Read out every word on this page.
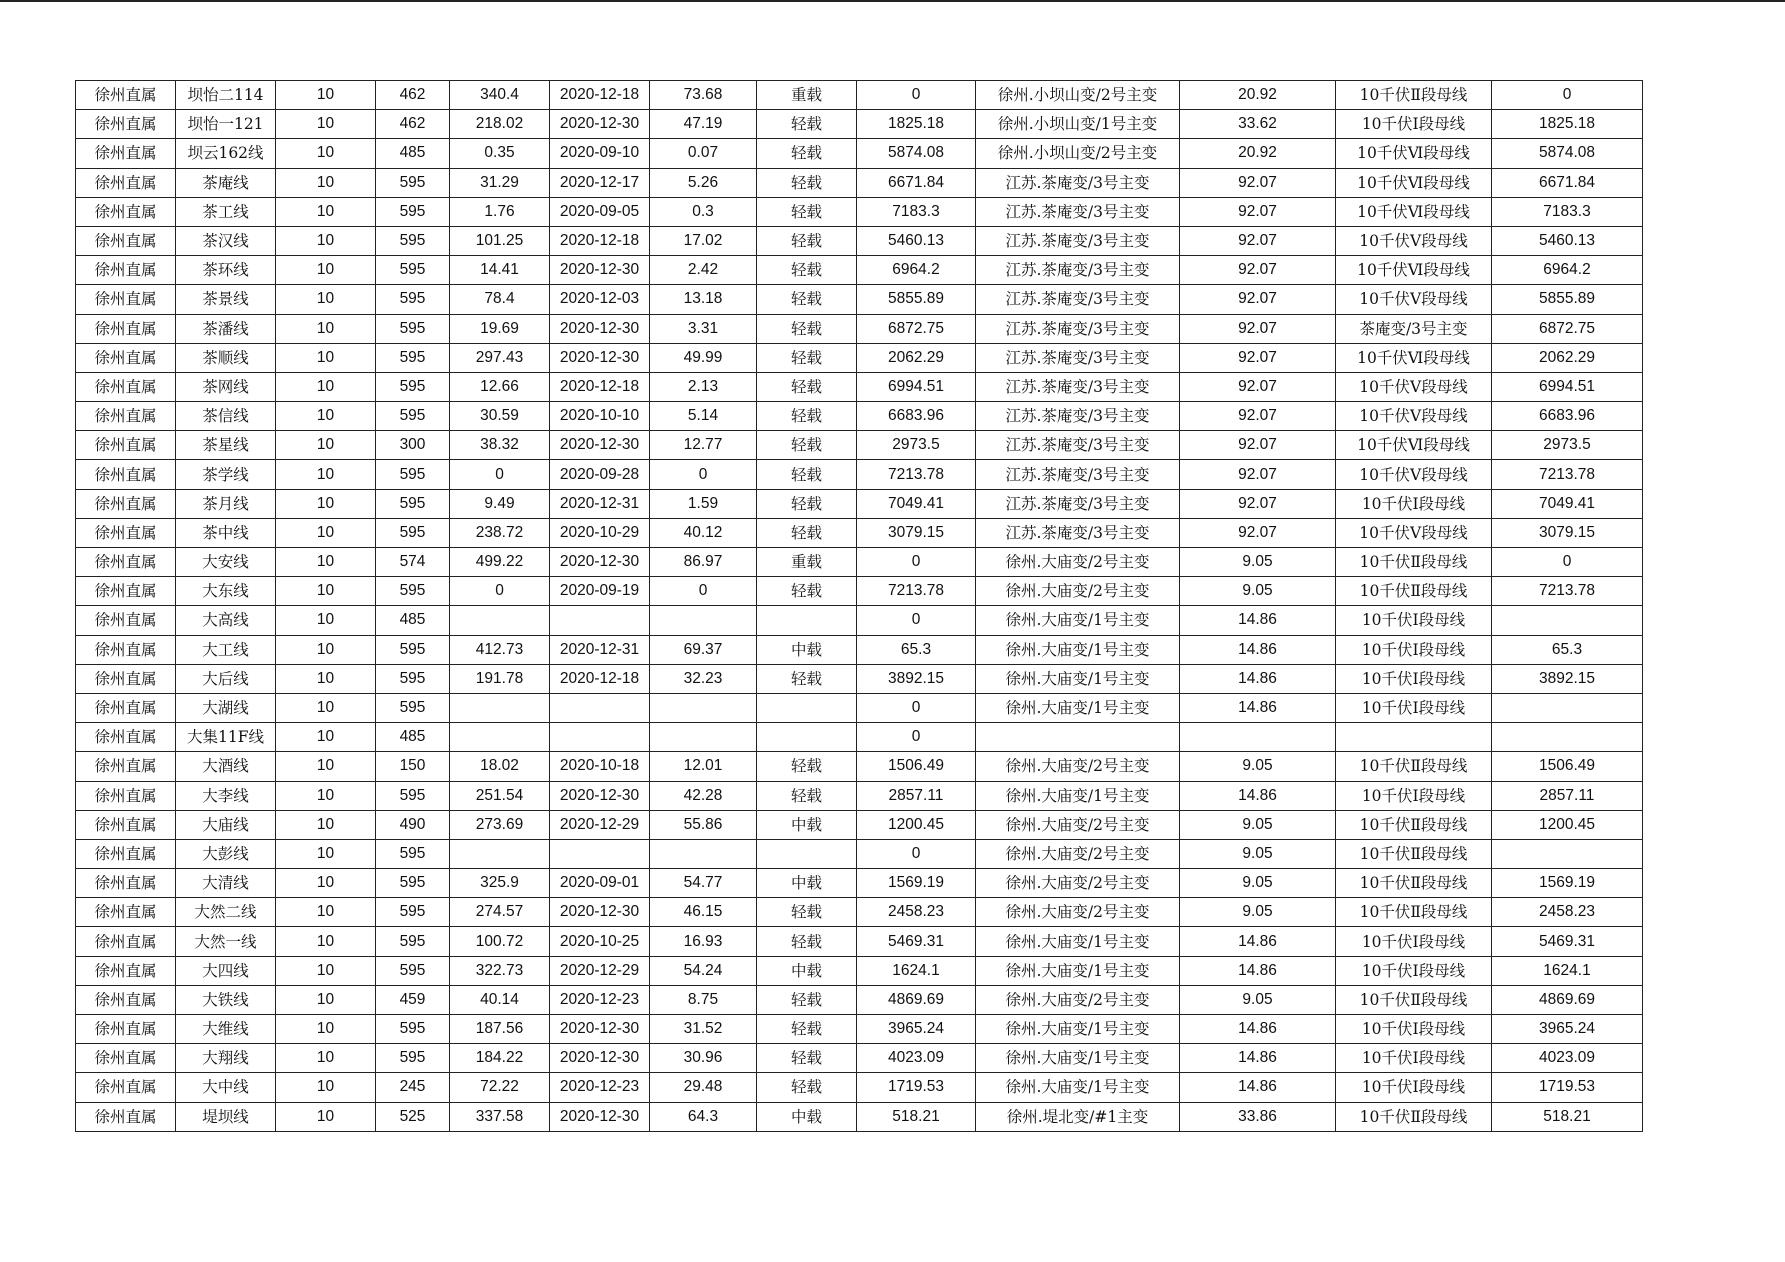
徐州直属	坝怡二114	10	462	340.4	2020-12-18	73.68	重载	0	徐州.小坝山变/2号主变	20.92	10千伏Ⅱ段母线	0
徐州直属	坝怡一121	10	462	218.02	2020-12-30	47.19	轻载	1825.18	徐州.小坝山变/1号主变	33.62	10千伏Ⅰ段母线	1825.18
徐州直属	坝云162线	10	485	0.35	2020-09-10	0.07	轻载	5874.08	徐州.小坝山变/2号主变	20.92	10千伏Ⅵ段母线	5874.08
徐州直属	茶庵线	10	595	31.29	2020-12-17	5.26	轻载	6671.84	江苏.茶庵变/3号主变	92.07	10千伏Ⅵ段母线	6671.84
徐州直属	茶工线	10	595	1.76	2020-09-05	0.3	轻载	7183.3	江苏.茶庵变/3号主变	92.07	10千伏Ⅵ段母线	7183.3
徐州直属	茶汉线	10	595	101.25	2020-12-18	17.02	轻载	5460.13	江苏.茶庵变/3号主变	92.07	10千伏Ⅴ段母线	5460.13
徐州直属	茶环线	10	595	14.41	2020-12-30	2.42	轻载	6964.2	江苏.茶庵变/3号主变	92.07	10千伏Ⅵ段母线	6964.2
徐州直属	茶景线	10	595	78.4	2020-12-03	13.18	轻载	5855.89	江苏.茶庵变/3号主变	92.07	10千伏Ⅴ段母线	5855.89
徐州直属	茶潘线	10	595	19.69	2020-12-30	3.31	轻载	6872.75	江苏.茶庵变/3号主变	92.07	茶庵变/3号主变	6872.75
徐州直属	茶顺线	10	595	297.43	2020-12-30	49.99	轻载	2062.29	江苏.茶庵变/3号主变	92.07	10千伏Ⅵ段母线	2062.29
徐州直属	茶网线	10	595	12.66	2020-12-18	2.13	轻载	6994.51	江苏.茶庵变/3号主变	92.07	10千伏Ⅴ段母线	6994.51
徐州直属	茶信线	10	595	30.59	2020-10-10	5.14	轻载	6683.96	江苏.茶庵变/3号主变	92.07	10千伏Ⅴ段母线	6683.96
徐州直属	茶星线	10	300	38.32	2020-12-30	12.77	轻载	2973.5	江苏.茶庵变/3号主变	92.07	10千伏Ⅵ段母线	2973.5
徐州直属	茶学线	10	595	0	2020-09-28	0	轻载	7213.78	江苏.茶庵变/3号主变	92.07	10千伏Ⅴ段母线	7213.78
徐州直属	茶月线	10	595	9.49	2020-12-31	1.59	轻载	7049.41	江苏.茶庵变/3号主变	92.07	10千伏Ⅰ段母线	7049.41
徐州直属	茶中线	10	595	238.72	2020-10-29	40.12	轻载	3079.15	江苏.茶庵变/3号主变	92.07	10千伏Ⅴ段母线	3079.15
徐州直属	大安线	10	574	499.22	2020-12-30	86.97	重载	0	徐州.大庙变/2号主变	9.05	10千伏Ⅱ段母线	0
徐州直属	大东线	10	595	0	2020-09-19	0	轻载	7213.78	徐州.大庙变/2号主变	9.05	10千伏Ⅱ段母线	7213.78
徐州直属	大高线	10	485					0	徐州.大庙变/1号主变	14.86	10千伏Ⅰ段母线	
徐州直属	大工线	10	595	412.73	2020-12-31	69.37	中载	65.3	徐州.大庙变/1号主变	14.86	10千伏Ⅰ段母线	65.3
徐州直属	大后线	10	595	191.78	2020-12-18	32.23	轻载	3892.15	徐州.大庙变/1号主变	14.86	10千伏Ⅰ段母线	3892.15
徐州直属	大湖线	10	595					0	徐州.大庙变/1号主变	14.86	10千伏Ⅰ段母线	
徐州直属	大集11F线	10	485					0				
徐州直属	大酒线	10	150	18.02	2020-10-18	12.01	轻载	1506.49	徐州.大庙变/2号主变	9.05	10千伏Ⅱ段母线	1506.49
徐州直属	大李线	10	595	251.54	2020-12-30	42.28	轻载	2857.11	徐州.大庙变/1号主变	14.86	10千伏Ⅰ段母线	2857.11
徐州直属	大庙线	10	490	273.69	2020-12-29	55.86	中载	1200.45	徐州.大庙变/2号主变	9.05	10千伏Ⅱ段母线	1200.45
徐州直属	大彭线	10	595					0	徐州.大庙变/2号主变	9.05	10千伏Ⅱ段母线	
徐州直属	大清线	10	595	325.9	2020-09-01	54.77	中载	1569.19	徐州.大庙变/2号主变	9.05	10千伏Ⅱ段母线	1569.19
徐州直属	大然二线	10	595	274.57	2020-12-30	46.15	轻载	2458.23	徐州.大庙变/2号主变	9.05	10千伏Ⅱ段母线	2458.23
徐州直属	大然一线	10	595	100.72	2020-10-25	16.93	轻载	5469.31	徐州.大庙变/1号主变	14.86	10千伏Ⅰ段母线	5469.31
徐州直属	大四线	10	595	322.73	2020-12-29	54.24	中载	1624.1	徐州.大庙变/1号主变	14.86	10千伏Ⅰ段母线	1624.1
徐州直属	大铁线	10	459	40.14	2020-12-23	8.75	轻载	4869.69	徐州.大庙变/2号主变	9.05	10千伏Ⅱ段母线	4869.69
徐州直属	大维线	10	595	187.56	2020-12-30	31.52	轻载	3965.24	徐州.大庙变/1号主变	14.86	10千伏Ⅰ段母线	3965.24
徐州直属	大翔线	10	595	184.22	2020-12-30	30.96	轻载	4023.09	徐州.大庙变/1号主变	14.86	10千伏Ⅰ段母线	4023.09
徐州直属	大中线	10	245	72.22	2020-12-23	29.48	轻载	1719.53	徐州.大庙变/1号主变	14.86	10千伏Ⅰ段母线	1719.53
徐州直属	堤坝线	10	525	337.58	2020-12-30	64.3	中载	518.21	徐州.堤北变/#1主变	33.86	10千伏Ⅱ段母线	518.21
